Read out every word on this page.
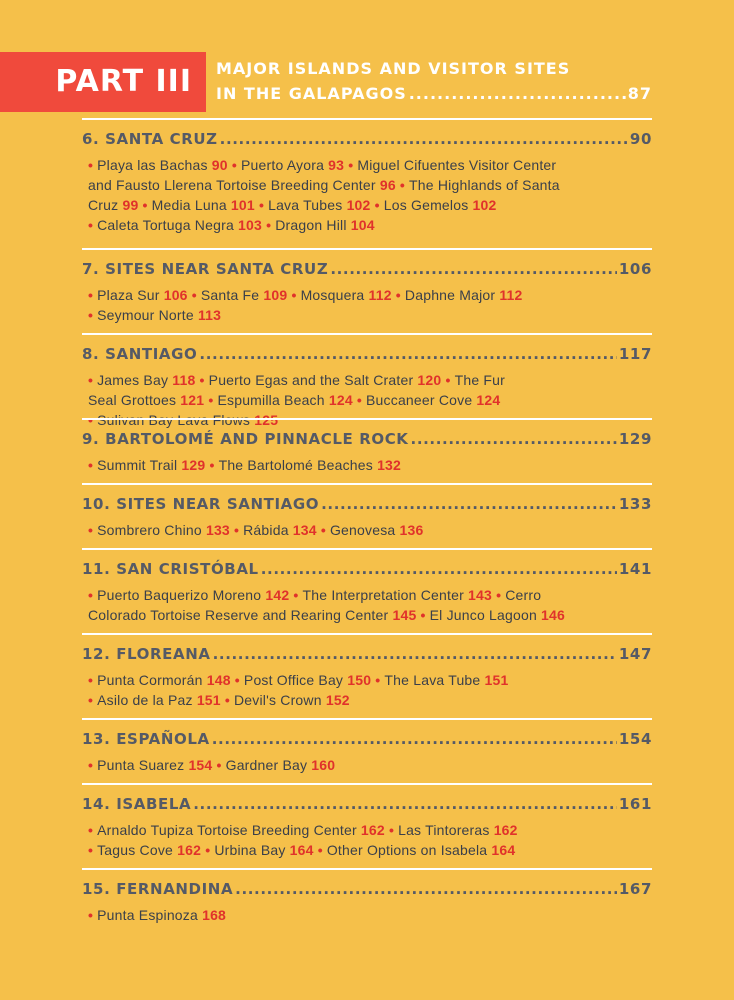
PART III	MAJOR ISLANDS AND VISITOR SITES
IN THE GALAPAGOS .....	87
6. SANTA CRUZ .....	90
• Playa las Bachas 90 • Puerto Ayora 93 • Miguel Cifuentes Visitor Center
and Fausto Llerena Tortoise Breeding Center 96 • The Highlands of Santa
Cruz 99 • Media Luna 101 • Lava Tubes 102 • Los Gemelos 102
• Caleta Tortuga Negra 103 • Dragon Hill 104
7. SITES NEAR SANTA CRUZ .....	106
• Plaza Sur 106 • Santa Fe 109 • Mosquera 112 • Daphne Major 112
• Seymour Norte 113
8. SANTIAGO .....	117
• James Bay 118 • Puerto Egas and the Salt Crater 120 • The Fur
Seal Grottoes 121 • Espumilla Beach 124 • Buccaneer Cove 124
• Sulivan Bay Lava Flows 125
9. BARTOLOMÉ AND PINNACLE ROCK .....	129
• Summit Trail 129 • The Bartolomé Beaches 132
10. SITES NEAR SANTIAGO .....	133
• Sombrero Chino 133 • Rábida 134 • Genovesa 136
11. SAN CRISTÓBAL .....	141
• Puerto Baquerizo Moreno 142 • The Interpretation Center 143 • Cerro
Colorado Tortoise Reserve and Rearing Center 145 • El Junco Lagoon 146
12. FLOREANA .....	147
• Punta Cormorán 148 • Post Office Bay 150 • The Lava Tube 151
• Asilo de la Paz 151 • Devil's Crown 152
13. ESPAÑOLA .....	154
• Punta Suarez 154 • Gardner Bay 160
14. ISABELA .....	161
• Arnaldo Tupiza Tortoise Breeding Center 162 • Las Tintoreras 162
• Tagus Cove 162 • Urbina Bay 164 • Other Options on Isabela 164
15. FERNANDINA .....	167
• Punta Espinoza 168
